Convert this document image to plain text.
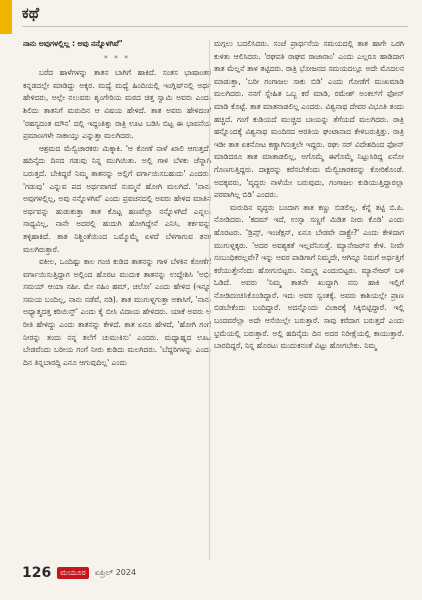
ಕಥೆ
ನಾನು ಅವುಗಳಲ್ಲಿಲ್ಲ : ಅವು ನನ್ನೊಳಗಿವೆ"
* * *

ಬರೆದ ಹಾಳೆಗಳನ್ನು ತಾತನ ಬಾಗಿಗೆ ಹಾಕಿದೆ. ಸಂತಸ ಭಾಷಾಂತರ ಕನ್ನಡದಲ್ಲೇ ಮಾಡಿದ್ದು ಅಕ್ಕರ. ಮಧ್ಯೆ ಮಧ್ಯೆ ಹಿಂದಿಯಲ್ಲಿ ಇಂಗ್ಲಿಷ್‌ನಲ್ಲಿ ಅರ್ಥ ಹೇಳಿದರು, ಅಲ್ಲೇ ನಲುವರು ಶೃಂಗೇರಿಯ ಮಠದ ಚಿತ್ತ ಸ್ವಾಮಿ ಅವರು ಎಂದು ಶಿಲಿದು ತಾತನಿಗೆ ಮರುದಿನ ಆ ವಿಷಯ ಹೇಳಿದೆ. ತಾತ ಅವರು ಹೇಳಿದಂತೆ 'ರಹಸ್ಯದಂತ ಮೌನ' ದಲ್ಲಿ ಇದ್ದಂತಿತ್ತು ರಾತ್ರಿ ಊಟ ಬಡಿಸಿ ಬಿಟ್ಟ ಈ ಭಾವನೆಯ ಪ್ರಮಾಣಗಳೇ ಸಾಕಾಯ್ತು ಎನ್ನುತ್ತಾ ಮಲಗಿದರು.

ಆಶ್ರಮದ ಮೆಲ್ವಿಚಾರಕರು ಮಿಕ್ಕಾಕಿ. 'ಆ ಕೋಣೆ ನಾಳೆ ಖಾಲಿ ಆಗುತ್ತದೆ. ಹದಿನೈದು ದಿನದ ಗಡುವು ನಿನ್ನ ಮುಗಿಯಿತು. ಅಲ್ಲಿ ಗಾಳಿ ಬೆಳಕು ಚೆನ್ನಾಗಿ ಬರುತ್ತದೆ. ಬೇಕಿದ್ದರೆ ನಿಮ್ಮ ತಾತನನ್ನು ಅಲ್ಲಿಗೆ ವರ್ಗಾಯಿಸಬಹುದು' ಎಂದರು. 'ಗಡುವು' ಎನ್ನುವ ಪದ ಅರ್ಥವಾಗದೆ ಸುಮ್ಮನೆ ಹೋಗಿ ಮಲಗಿದೆ. 'ನಾನು ಅವುಗಳಲ್ಲಿಲ್ಲ, ಅವು ನನ್ನೊಳಗಿವೆ' ಎಂದು ಪ್ರವಚನದಲ್ಲಿ ಅವರು ಹೇಳಿದ ಮಾತಿನ ಅರ್ಥವನ್ನು ಹುಡುಕುತ್ತಾ ತಾತ ಕೊಟ್ಟ ಹಣವೆಲ್ಲಾ ನನ್ನೊಳಗಿದೆ ಎನ್ನಲು ಸಾಧ್ಯವಿಲ್ಲ, ನಾನೇ ಅದರಲ್ಲಿ ಹುದುಗಿ ಹೋಗಿದ್ದೇನೆ ಎನಿಸಿ, ತರ್ಕವನ್ನು ತಳ್ಳಿಹಾಕಿದೆ. ತಾತ ನಿಶ್ಚಿಂತೆಯಿಂದ ಒಮ್ಮೊಮ್ಮೆ ಏಳದೆ ಬೆಳಗಾಗುವ ತನಕ ಮಲಗಿರುತ್ತಾರೆ.

ವಕೀಲ, ಒಂದಿಷ್ಟು ಕಾಲ ಗಂಜಿ ಕುಡಿದ ತಾತನನ್ನು ಗಾಳಿ ಬೆಳಕಿನ ಕೋಣೆಗೆ ವರ್ಗಾಯಿಸುತ್ತಿದ್ದಾಗ ಅಲ್ಲಿಂದ ಹೊರಟ ಮುದುಕ ತಾತನನ್ನು ಉದ್ದೇಶಿಸಿ 'ಅಭೀ ಸಮಯ್ ಆಯಾ ನಹೀ. ಮೇ ನಹಿಂ ಹಮ್, ಚಲೋ' ಎಂದು ಹೇಳಿದ (ಇನ್ನೂ ಸಮಯ ಬಂದಿಲ್ಲ, ನಾನು ನಡೆವೆ, ನಡಿ). ತಾತ ಮುಗುಳ್ನಗುತ್ತಾ ಅಕಾಸಿಗೆ, 'ನಾನು ಅಧ್ಯಾತ್ಮದತ್ತ ಕರಿಯಿಸ್ತ್' ಎಂದು ಕೈ ಬೀಸಿ ವಿದಾಯ ಹೇಳಿದರು. ಯಾಕೆ ಅವರು ಆ ರೀತಿ ಹೇಳಿದ್ದು ಎಂದು ತಾತನನ್ನು ಕೇಳಿದೆ. ತಾತ ಏನೂ ಹೇಳದೆ, 'ಹೋಗಿ ಗಂಗೆ ನೀರನ್ನು ತಂದು ನನ್ನ ತಲೆಗೆ ಚುಮುಕಿಸು' ಎಂದರು. ಮಧ್ಯಾಹ್ನದ ಊಟ ಬೇಡವೆಂದು ಬರೀಯ ಗಂಗೆ ನೀರು ಕುಡಿದು ಮಲಗಿದರು. 'ಬೆದ್ದರಿಗಳನ್ನು ಎಂದು ದಿನ ತಿನ್ನಬಾರದ್ದಿ ಎನೂ ಆಗುವುದಿಲ್ಲ' ಎಂದು

ಮಗ್ಗಲು ಬದಲಿಸಿದರು. ಸಂಜೆ ಪ್ರಾರ್ಥನೆಯ ಸಮಯದಲ್ಲಿ ತಾತ ಹಾಗೇ ಒರಗಿ ಕುಳಿತು ಆಲಿಸಿದರು. 'ರಘಪತಿ ರಾಘವ ರಾಜಾರಾಂ' ಎಂದು ಎಲ್ಲರೂ ಹಾಡಿದಾಗ ತಾತ ಮೆಲ್ಲನೆ ತಾಳ ತಟ್ಟಿದರು. ರಾತ್ರಿ ಭೋಜನದ ಸಮಯದಲ್ಲೂ ಅದೇ ಮೊದಲನ ಮಾಡುತ್ತಾ, 'ಬರೀ ಗಂಗಾಜಲ ಸಾಕು ಬಿಡಿ' ಎಂದು ಗೋಡೆಗೆ ಮುಖಮಾಡಿ ಮಲಗಿದರು. ನನಗೆ ಸ್ನೇಹಿತ ಒಬ್ಬ ಕರೆ ಮಾಡಿ, ರಮೇಶ್ ಅಂಕಲ್‌ಗೆ ಫೋನ್ ಮಾಡಿ ಕೊಟ್ಟೆ. ತಾತ ಮಾತನಾಡಲಿಲ್ಲ ಎಂದರು. ವಿಶ್ವನಾಥ ದೇವರ ವಿಭೂತಿ ತಂದು ಹಚ್ಚಿದೆ. ಗಂಗೆ ಕುಡಿಯದೆ ಮುಚ್ಚಿದ ಬಾಯನ್ನು ತೆಗೆಯದೆ ಮಲಗಿದರು. ರಾತ್ರಿ ಹನ್ನೊಂದಕ್ಕೆ ವಿಶ್ವನಾಥ ಮಂದಿರದ ಆರತಿಯ ಘಂಟಾನಾದ ಕೇಳಿಬರುತ್ತಿತ್ತು. ರಾತ್ರಿ ಇಡೀ ತಾತ ಏಕನೋಟ ಕಣ್ಣಾಗಿಸುತ್ತಲೇ ಇದ್ದರು. ರಘು ಸರ್ ವಿದೇಶದಿಂದ ಫೋನ್ ಮಾಡಿದರೂ ತಾತ ಮಾತಾಡಲಿಲ್ಲ, ಅಗೊಮ್ಮೆ ಈಗೊಮ್ಮೆ ನಿಟ್ಟುಸಿರಿದ್ದ ಏನೋ ಗೊಣಗುತ್ತಿದ್ದರು. ದಾಕ್ಟರನ್ನು ಕರೆಸಬೇಕೆಂದು ಮೆಲ್ವಿಚಾರಕರನ್ನು ಕೋರಿಕೊಂಡೆ. ಅದಕ್ಕವರು, 'ವೃದ್ಧರು ನಾಳೆಯೇ ಬರುವುದು, ಗಂಗಾಜಲ ಕುಡಿಯುತ್ತಿದ್ದಾರಲ್ಲಾ ಪರವಾಗಿಲ್ಲ ಬಿಡಿ' ಎಂದರು.

ಮರುದಿನ ವೃದ್ಧರು ಬಂದಾಗ ತಾತ ಕಣ್ಣು ಬಿಡಲಿಲ್ಲ. ಕೆನ್ನೆ ತಟ್ಟಿ ಬಿ.ಪಿ. ನೋಡಿದರು. 'ಕದಮ್ ಇದೆ, ಉಸ್ಸಾ ಸಣ್ಣಗೆ ಮಿಡಿತ ನೀರು ಕೊಡಿ' ಎಂದು ಹೊರಟರು. 'ಡ್ರಿಪ್ಸ್, ಇಂಜೆಕ್ಷನ್, ಏನೂ ಬೇಡವೇ ದಾಕ್ಟ್ರೇ?' ಎಂದು ಕೇಳಿದಾಗ ಮುಗುಳ್ನಕ್ಕರು. 'ಅದರ ಅವಶ್ಯಕತೆ ಇಲ್ಲವೆನಿಸುತ್ತೆ. ಮ್ಯಾನೇಜರ್‌ನ ಕೇಳಿ. ನೀವೇ ಸಂಬಂಧಿಕರಲ್ಲವೇ? ಇನ್ನು ಅವರ ಪಾಡಿಗಾಗೆ ನಿಮ್ಮದೇ, ಆಗಿನ್ನೂ ನಿಮಗೆ ಅರ್ಥತ್ತಿಗೆ ಕರೆಯುತ್ತೇನೆಂದು ಹೋಗುಬಿಟ್ಟರು. ನಿಮ್ಮನ್ನ ಎಂದುಬಿಟ್ಟರು. ಮ್ಯಾನೇಜರ್ ಬಳಿ ಓಡಿದೆ. ಅವರು 'ನಿಮ್ಮ ತಾತನೇ ಖುದ್ದಾಗಿ ನಸು ಹಾಕಿ ಇಲ್ಲಿಗೆ ನೋಡಿದಂಚಿಸಿಕೊಂಡಿದ್ದಾರೆ. ಇದು ಅವರ ಸ್ವಂತಕ್ಕೆ. ಅವರು ಕಾಶಿಯಲ್ಲೇ ಪ್ರಾಣ ಬಿಡಬೇಕೆಂದು ಬಂದಿದ್ದಾರೆ. ಅದನ್ನೊಂದು ವಿಚಾರಕ್ಕೆ ಸಿಕ್ಕಿಬಿಟ್ಟಿದ್ದಾರೆ. ಇಲ್ಲಿ ಬಂದವರೆಲ್ಲಾ ಅದೇ ಆಸೆಯಿಲ್ಲೇ ಬರುತ್ತಾರೆ. ಸಾವು ಕರೆದಾಗ ಬರುತ್ತದೆ ಎಂದು ಭ್ರಮೆಯಲ್ಲಿ ಬರುತ್ತಾರೆ. ಅಲ್ಲಿ ಹದಿನೈದು ದಿನ ಅದರ ನಿರೀಕ್ಷೆಯಲ್ಲಿ ಕಾಯುತ್ತಾರೆ. ಬಾರದಿದ್ದರೆ, ನಿನ್ನ ಹೊರಟು ಮುದುಕನಂತೆ ವಿಟ್ಟು ಹೋಗಬೇಕು. ನಿಮ್ಮ

126	ಮಯೂರ	ಏಪ್ರಿಲ್ 2024
